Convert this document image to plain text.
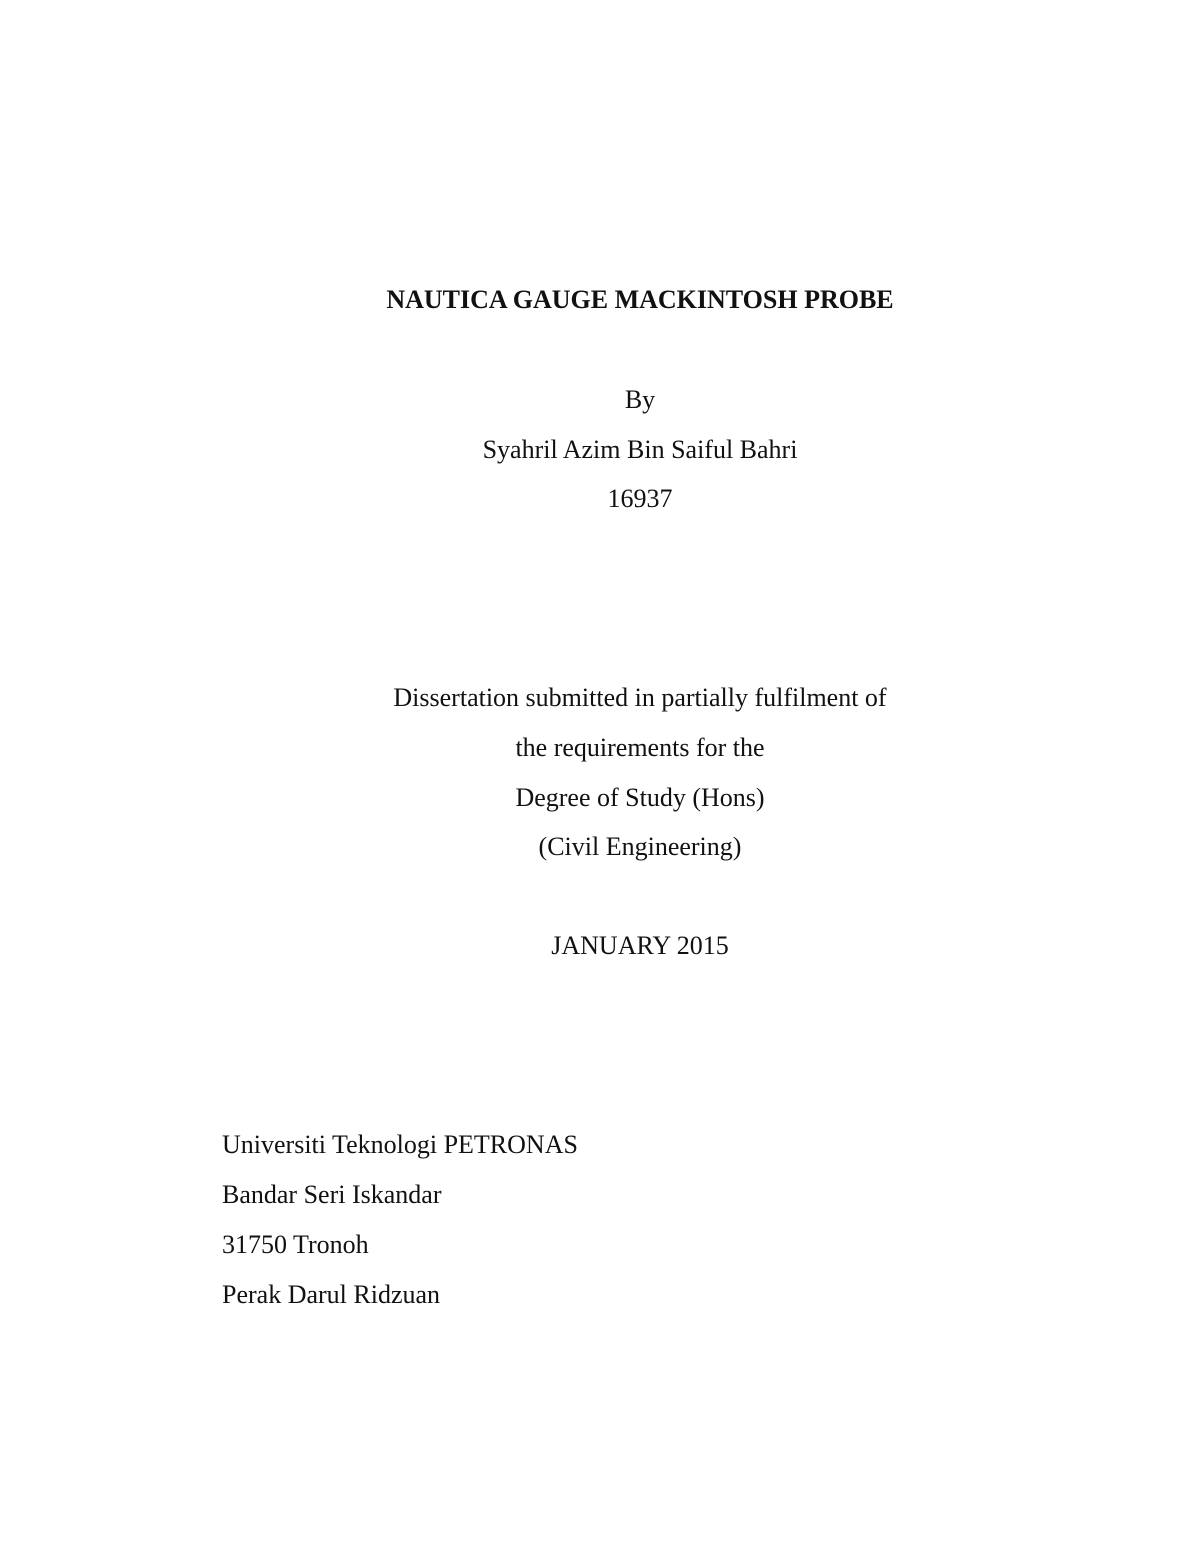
NAUTICA GAUGE MACKINTOSH PROBE
By
Syahril Azim Bin Saiful Bahri
16937
Dissertation submitted in partially fulfilment of
the requirements for the
Degree of Study (Hons)
(Civil Engineering)
JANUARY 2015
Universiti Teknologi PETRONAS
Bandar Seri Iskandar
31750 Tronoh
Perak Darul Ridzuan
